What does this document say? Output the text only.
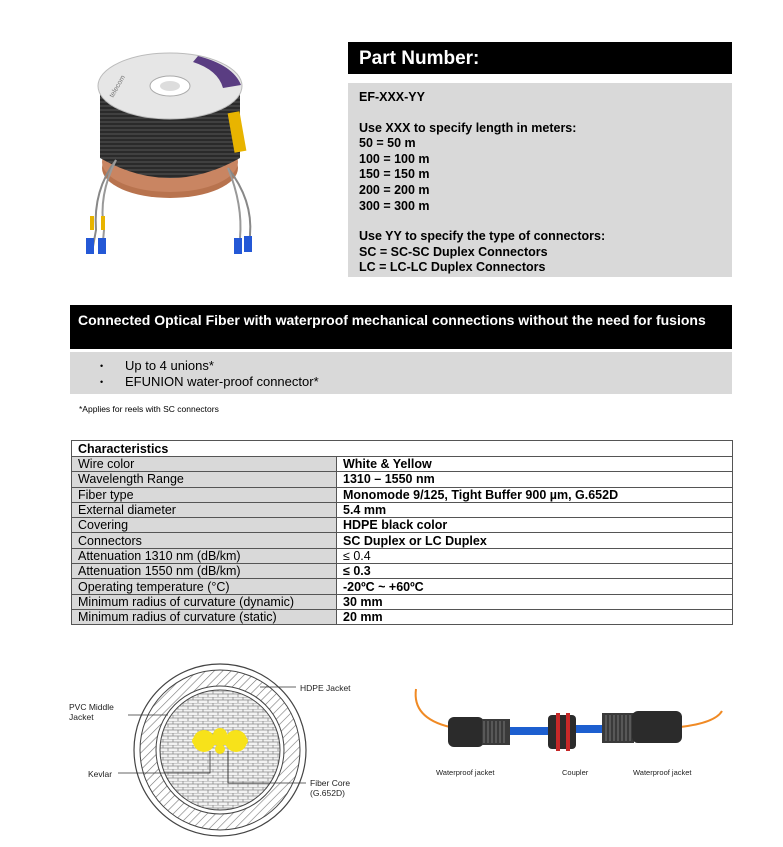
telecom
Part Number:
EF-XXX-YY
Use XXX to specify length in meters:
50 = 50 m
100 = 100 m
150 = 150 m
200 = 200 m
300 = 300 m
Use YY to specify the type of connectors:
SC = SC-SC Duplex Connectors
LC = LC-LC Duplex Connectors
Connected Optical Fiber with waterproof mechanical connections without the need for fusions
•	Up to 4 unions*
•	EFUNION water-proof connector*
*Applies for reels with SC connectors
Characteristics	
Wire color	White & Yellow
Wavelength Range	1310 – 1550 nm
Fiber type	Monomode 9/125, Tight Buffer 900 µm, G.652D
External diameter	5.4 mm
Covering	HDPE black color
Connectors	SC Duplex or LC Duplex
Attenuation 1310 nm (dB/km)	≤ 0.4
Attenuation 1550 nm (dB/km)	≤ 0.3
Operating temperature (°C)	-20ºC ~ +60ºC
Minimum radius of curvature (dynamic)	30 mm
Minimum radius of curvature (static)	20 mm
HDPE Jacket
PVC Middle
Jacket
Kevlar
Fiber Core
(G.652D)
Waterproof jacket	Coupler	Waterproof jacket
